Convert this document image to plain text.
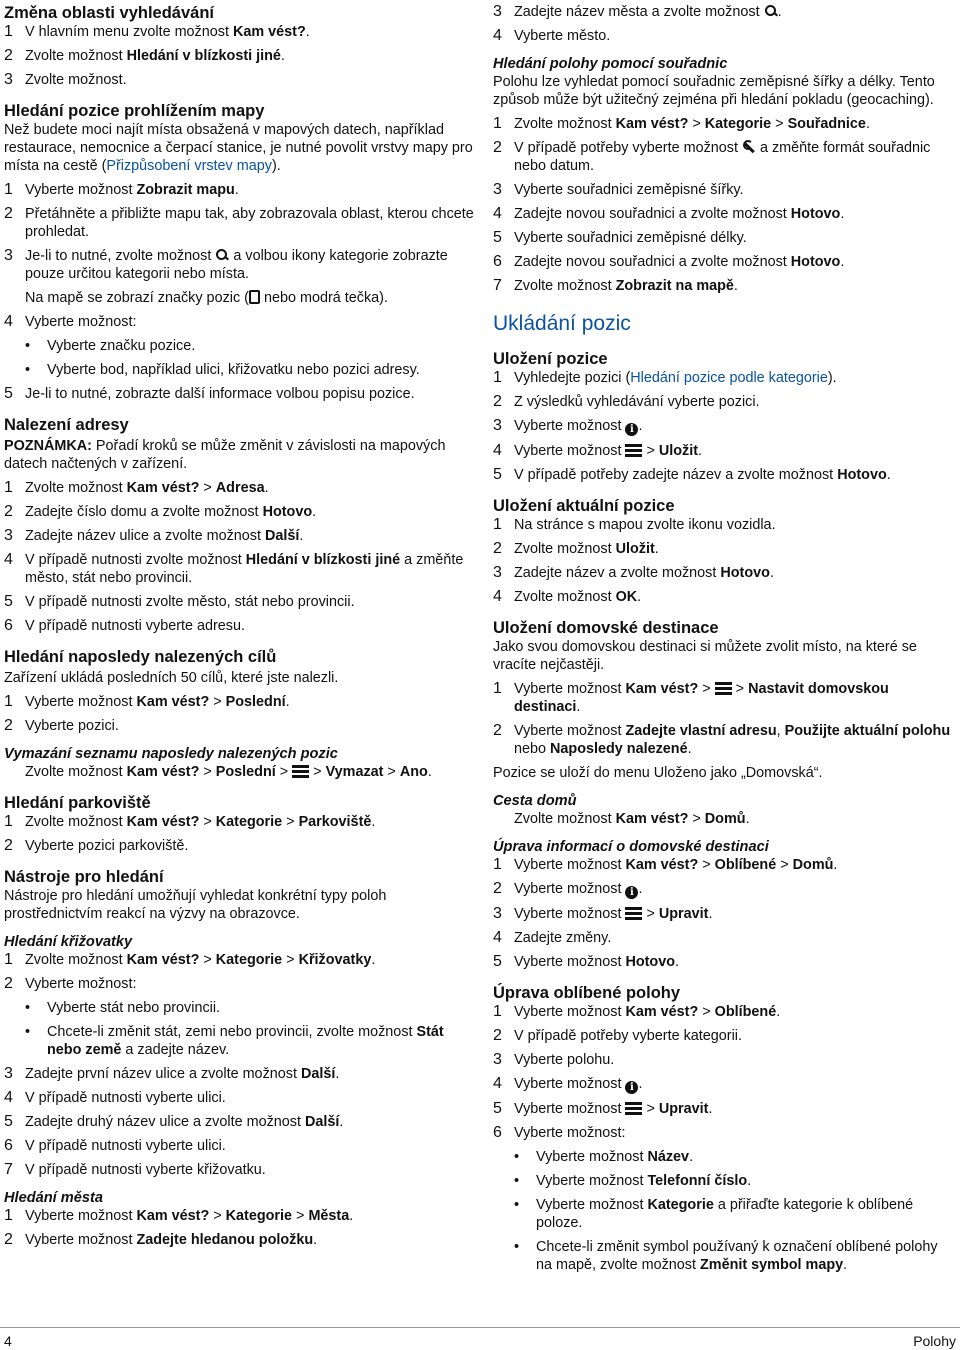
Změna oblasti vyhledávání

1 V hlavním menu zvolte možnost Kam vést?.

2 Zvolte možnost Hledání v blízkosti jiné.

3 Zvolte možnost.

Hledání pozice prohlížením mapy

Než budete moci najít místa obsažená v mapových datech, například restaurace, nemocnice a čerpací stanice, je nutné povolit vrstvy mapy pro místa na cestě (Přizpůsobení vrstev mapy).

1 Vyberte možnost Zobrazit mapu.

2 Přetáhněte a přibližte mapu tak, aby zobrazovala oblast, kterou chcete prohledat.

3 Je-li to nutné, zvolte možnost  a volbou ikony kategorie zobrazte pouze určitou kategorii nebo místa.

Na mapě se zobrazí značky pozic ( nebo modrá tečka).

4 Vyberte možnost:

• Vyberte značku pozice.

• Vyberte bod, například ulici, křižovatku nebo pozici adresy.

5 Je-li to nutné, zobrazte další informace volbou popisu pozice.

Nalezení adresy

POZNÁMKA: Pořadí kroků se může změnit v závislosti na mapových datech načtených v zařízení.

1 Zvolte možnost Kam vést? > Adresa.

2 Zadejte číslo domu a zvolte možnost Hotovo.

3 Zadejte název ulice a zvolte možnost Další.

4 V případě nutnosti zvolte možnost Hledání v blízkosti jiné a změňte město, stát nebo provincii.

5 V případě nutnosti zvolte město, stát nebo provincii.

6 V případě nutnosti vyberte adresu.

Hledání naposledy nalezených cílů

Zařízení ukládá posledních 50 cílů, které jste nalezli.

1 Vyberte možnost Kam vést? > Poslední.

2 Vyberte pozici.

Vymazání seznamu naposledy nalezených pozic

Zvolte možnost Kam vést? > Poslední >  > Vymazat > Ano.

Hledání parkoviště

1 Zvolte možnost Kam vést? > Kategorie > Parkoviště.

2 Vyberte pozici parkoviště.

Nástroje pro hledání

Nástroje pro hledání umožňují vyhledat konkrétní typy poloh prostřednictvím reakcí na výzvy na obrazovce.

Hledání křižovatky

1 Zvolte možnost Kam vést? > Kategorie > Křižovatky.

2 Vyberte možnost:

• Vyberte stát nebo provincii.

• Chcete-li změnit stát, zemi nebo provincii, zvolte možnost Stát nebo země a zadejte název.

3 Zadejte první název ulice a zvolte možnost Další.

4 V případě nutnosti vyberte ulici.

5 Zadejte druhý název ulice a zvolte možnost Další.

6 V případě nutnosti vyberte ulici.

7 V případě nutnosti vyberte křižovatku.

Hledání města

1 Vyberte možnost Kam vést? > Kategorie > Města.

2 Vyberte možnost Zadejte hledanou položku.

3 Zadejte název města a zvolte možnost .

4 Vyberte město.

Hledání polohy pomocí souřadnic

Polohu lze vyhledat pomocí souřadnic zeměpisné šířky a délky. Tento způsob může být užitečný zejména při hledání pokladu (geocaching).

1 Zvolte možnost Kam vést? > Kategorie > Souřadnice.

2 V případě potřeby vyberte možnost  a změňte formát souřadnic nebo datum.

3 Vyberte souřadnici zeměpisné šířky.

4 Zadejte novou souřadnici a zvolte možnost Hotovo.

5 Vyberte souřadnici zeměpisné délky.

6 Zadejte novou souřadnici a zvolte možnost Hotovo.

7 Zvolte možnost Zobrazit na mapě.

Ukládání pozic
Uložení pozice

1 Vyhledejte pozici (Hledání pozice podle kategorie).

2 Z výsledků vyhledávání vyberte pozici.

3 Vyberte možnost i .

4 Vyberte možnost  > Uložit.

5 V případě potřeby zadejte název a zvolte možnost Hotovo.

Uložení aktuální pozice

1 Na stránce s mapou zvolte ikonu vozidla.

2 Zvolte možnost Uložit.

3 Zadejte název a zvolte možnost Hotovo.

4 Zvolte možnost OK.

Uložení domovské destinace

Jako svou domovskou destinaci si můžete zvolit místo, na které se vracíte nejčastěji.

1 Vyberte možnost Kam vést? >  > Nastavit domovskou destinaci.

2 Vyberte možnost Zadejte vlastní adresu, Použijte aktuální polohu nebo Naposledy nalezené.

Pozice se uloží do menu Uloženo jako „Domovská“.

Cesta domů

Zvolte možnost Kam vést? > Domů.

Úprava informací o domovské destinaci

1 Vyberte možnost Kam vést? > Oblíbené > Domů.

2 Vyberte možnost i .

3 Vyberte možnost  > Upravit.

4 Zadejte změny.

5 Vyberte možnost Hotovo.

Úprava oblíbené polohy

1 Vyberte možnost Kam vést? > Oblíbené.

2 V případě potřeby vyberte kategorii.

3 Vyberte polohu.

4 Vyberte možnost i .

5 Vyberte možnost  > Upravit.

6 Vyberte možnost:

• Vyberte možnost Název.

• Vyberte možnost Telefonní číslo.

• Vyberte možnost Kategorie a přiřaďte kategorie k oblíbené poloze.

• Chcete-li změnit symbol používaný k označení oblíbené polohy na mapě, zvolte možnost Změnit symbol mapy.

4	Polohy
